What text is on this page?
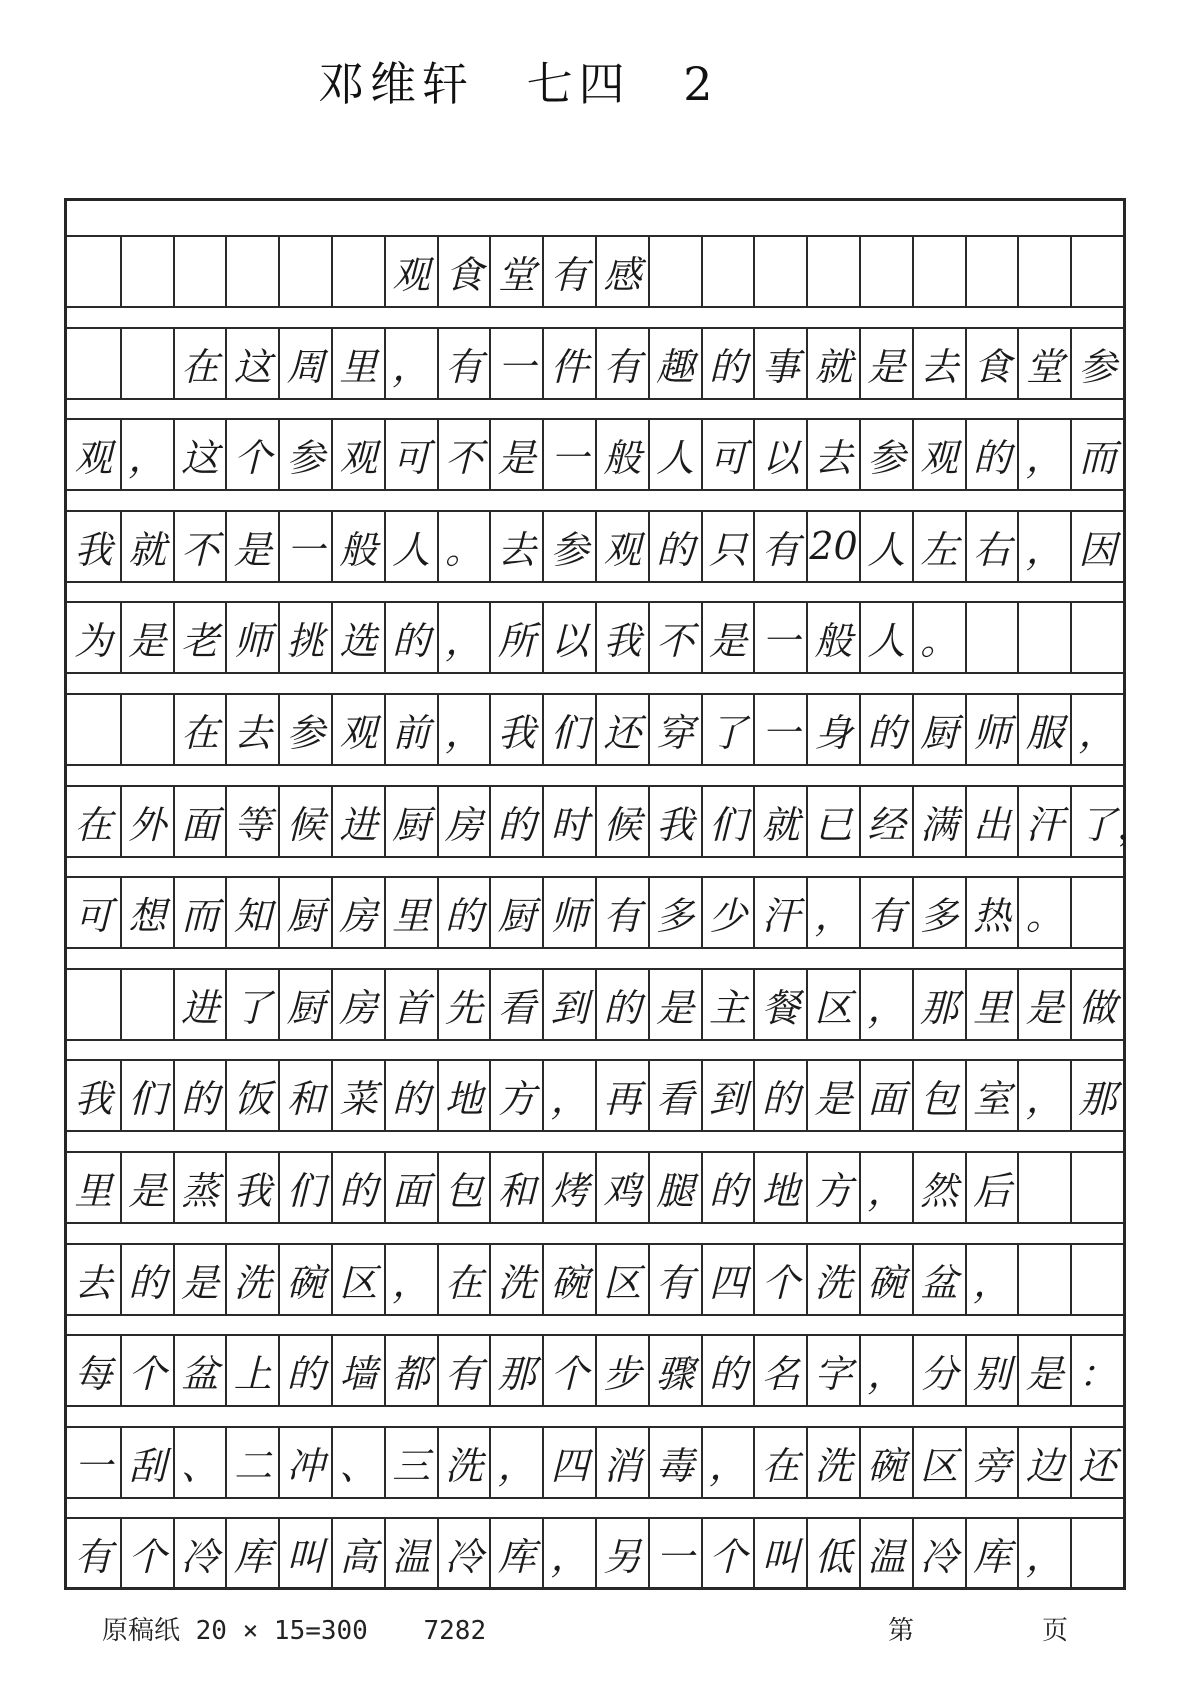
邓维轩 七四 2
观 食 堂 有 感
在 这 周 里 ， 有 一 件 有 趣 的 事 就 是 去 食 堂 参
观 ， 这 个 参 观 可 不 是 一 般 人 可 以 去 参 观 的 ， 而
我 就 不 是 一 般 人 。 去 参 观 的 只 有 20 人 左 右 ， 因
为 是 老 师 挑 选 的 ， 所 以 我 不 是 一 般 人 。
在 去 参 观 前 ， 我 们 还 穿 了 一 身 的 厨 师 服 ，
在 外 面 等 候 进 厨 房 的 时 候 我 们 就 已 经 满 出 汗 了 ，
可 想 而 知 厨 房 里 的 厨 师 有 多 少 汗 ， 有 多 热 。
进 了 厨 房 首 先 看 到 的 是 主 餐 区 ， 那 里 是 做
我 们 的 饭 和 菜 的 地 方 ， 再 看 到 的 是 面 包 室 ， 那
里 是 蒸 我 们 的 面 包 和 烤 鸡 腿 的 地 方 ， 然 后
去 的 是 洗 碗 区 ， 在 洗 碗 区 有 四 个 洗 碗 盆 ，
每 个 盆 上 的 墙 都 有 那 个 步 骤 的 名 字 ， 分 别 是 ：
一 刮 、 二 冲 、 三 洗 ， 四 消 毒 ， 在 洗 碗 区 旁 边 还
有 个 冷 库 叫 高 温 冷 库 ， 另 一 个 叫 低 温 冷 库 ，
原稿纸 20 × 15=300 7282	第	页
